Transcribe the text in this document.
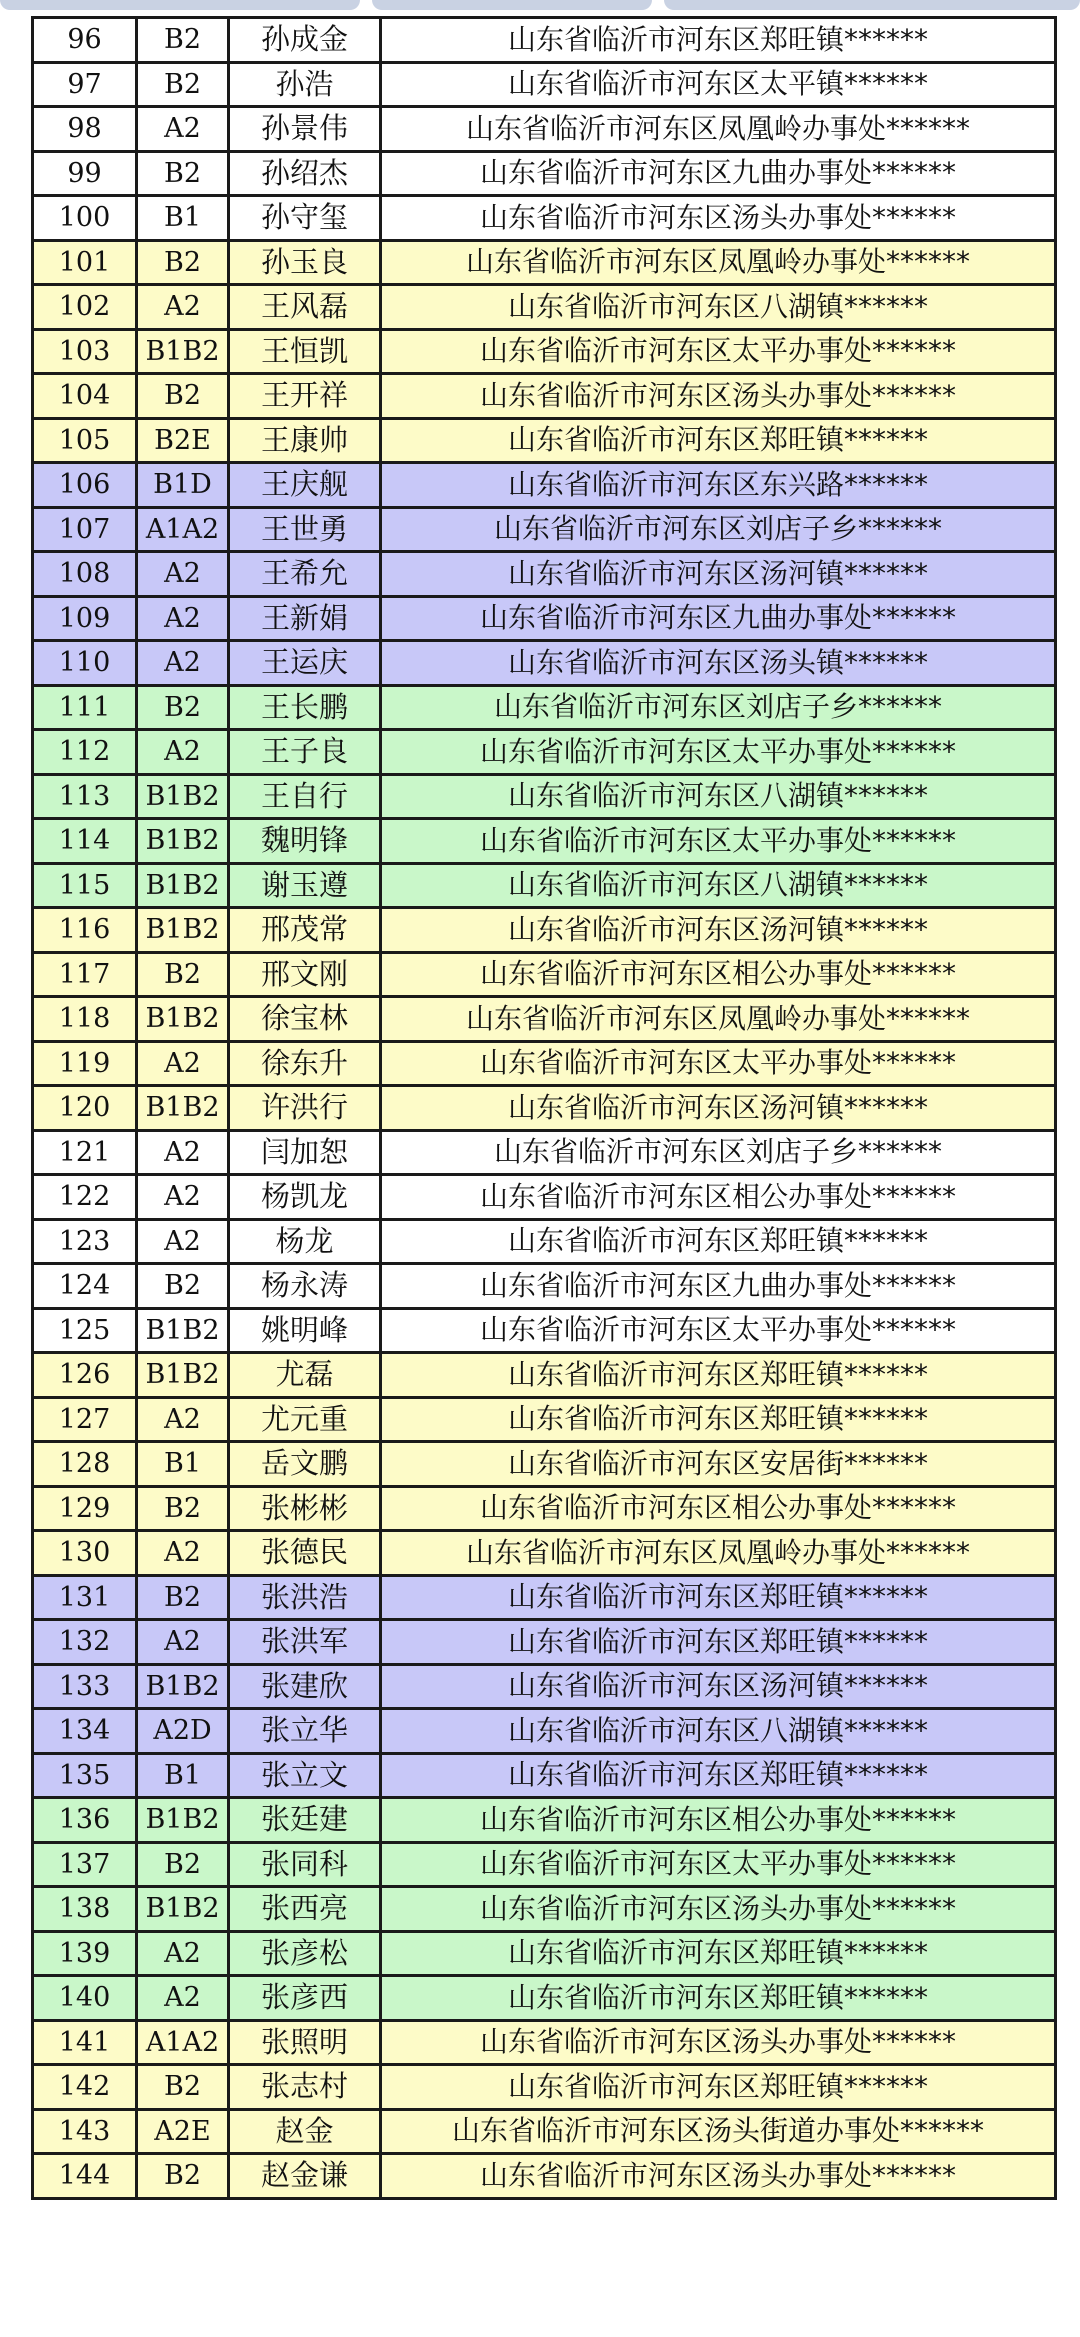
96	B2	孙成金	山东省临沂市河东区郑旺镇******
97	B2	孙浩	山东省临沂市河东区太平镇******
98	A2	孙景伟	山东省临沂市河东区凤凰岭办事处******
99	B2	孙绍杰	山东省临沂市河东区九曲办事处******
100	B1	孙守玺	山东省临沂市河东区汤头办事处******
101	B2	孙玉良	山东省临沂市河东区凤凰岭办事处******
102	A2	王风磊	山东省临沂市河东区八湖镇******
103	B1B2	王恒凯	山东省临沂市河东区太平办事处******
104	B2	王开祥	山东省临沂市河东区汤头办事处******
105	B2E	王康帅	山东省临沂市河东区郑旺镇******
106	B1D	王庆舰	山东省临沂市河东区东兴路******
107	A1A2	王世勇	山东省临沂市河东区刘店子乡******
108	A2	王希允	山东省临沂市河东区汤河镇******
109	A2	王新娟	山东省临沂市河东区九曲办事处******
110	A2	王运庆	山东省临沂市河东区汤头镇******
111	B2	王长鹏	山东省临沂市河东区刘店子乡******
112	A2	王子良	山东省临沂市河东区太平办事处******
113	B1B2	王自行	山东省临沂市河东区八湖镇******
114	B1B2	魏明锋	山东省临沂市河东区太平办事处******
115	B1B2	谢玉遵	山东省临沂市河东区八湖镇******
116	B1B2	邢茂常	山东省临沂市河东区汤河镇******
117	B2	邢文刚	山东省临沂市河东区相公办事处******
118	B1B2	徐宝林	山东省临沂市河东区凤凰岭办事处******
119	A2	徐东升	山东省临沂市河东区太平办事处******
120	B1B2	许洪行	山东省临沂市河东区汤河镇******
121	A2	闫加恕	山东省临沂市河东区刘店子乡******
122	A2	杨凯龙	山东省临沂市河东区相公办事处******
123	A2	杨龙	山东省临沂市河东区郑旺镇******
124	B2	杨永涛	山东省临沂市河东区九曲办事处******
125	B1B2	姚明峰	山东省临沂市河东区太平办事处******
126	B1B2	尤磊	山东省临沂市河东区郑旺镇******
127	A2	尤元重	山东省临沂市河东区郑旺镇******
128	B1	岳文鹏	山东省临沂市河东区安居街******
129	B2	张彬彬	山东省临沂市河东区相公办事处******
130	A2	张德民	山东省临沂市河东区凤凰岭办事处******
131	B2	张洪浩	山东省临沂市河东区郑旺镇******
132	A2	张洪军	山东省临沂市河东区郑旺镇******
133	B1B2	张建欣	山东省临沂市河东区汤河镇******
134	A2D	张立华	山东省临沂市河东区八湖镇******
135	B1	张立文	山东省临沂市河东区郑旺镇******
136	B1B2	张廷建	山东省临沂市河东区相公办事处******
137	B2	张同科	山东省临沂市河东区太平办事处******
138	B1B2	张西亮	山东省临沂市河东区汤头办事处******
139	A2	张彦松	山东省临沂市河东区郑旺镇******
140	A2	张彦西	山东省临沂市河东区郑旺镇******
141	A1A2	张照明	山东省临沂市河东区汤头办事处******
142	B2	张志村	山东省临沂市河东区郑旺镇******
143	A2E	赵金	山东省临沂市河东区汤头街道办事处******
144	B2	赵金谦	山东省临沂市河东区汤头办事处******
